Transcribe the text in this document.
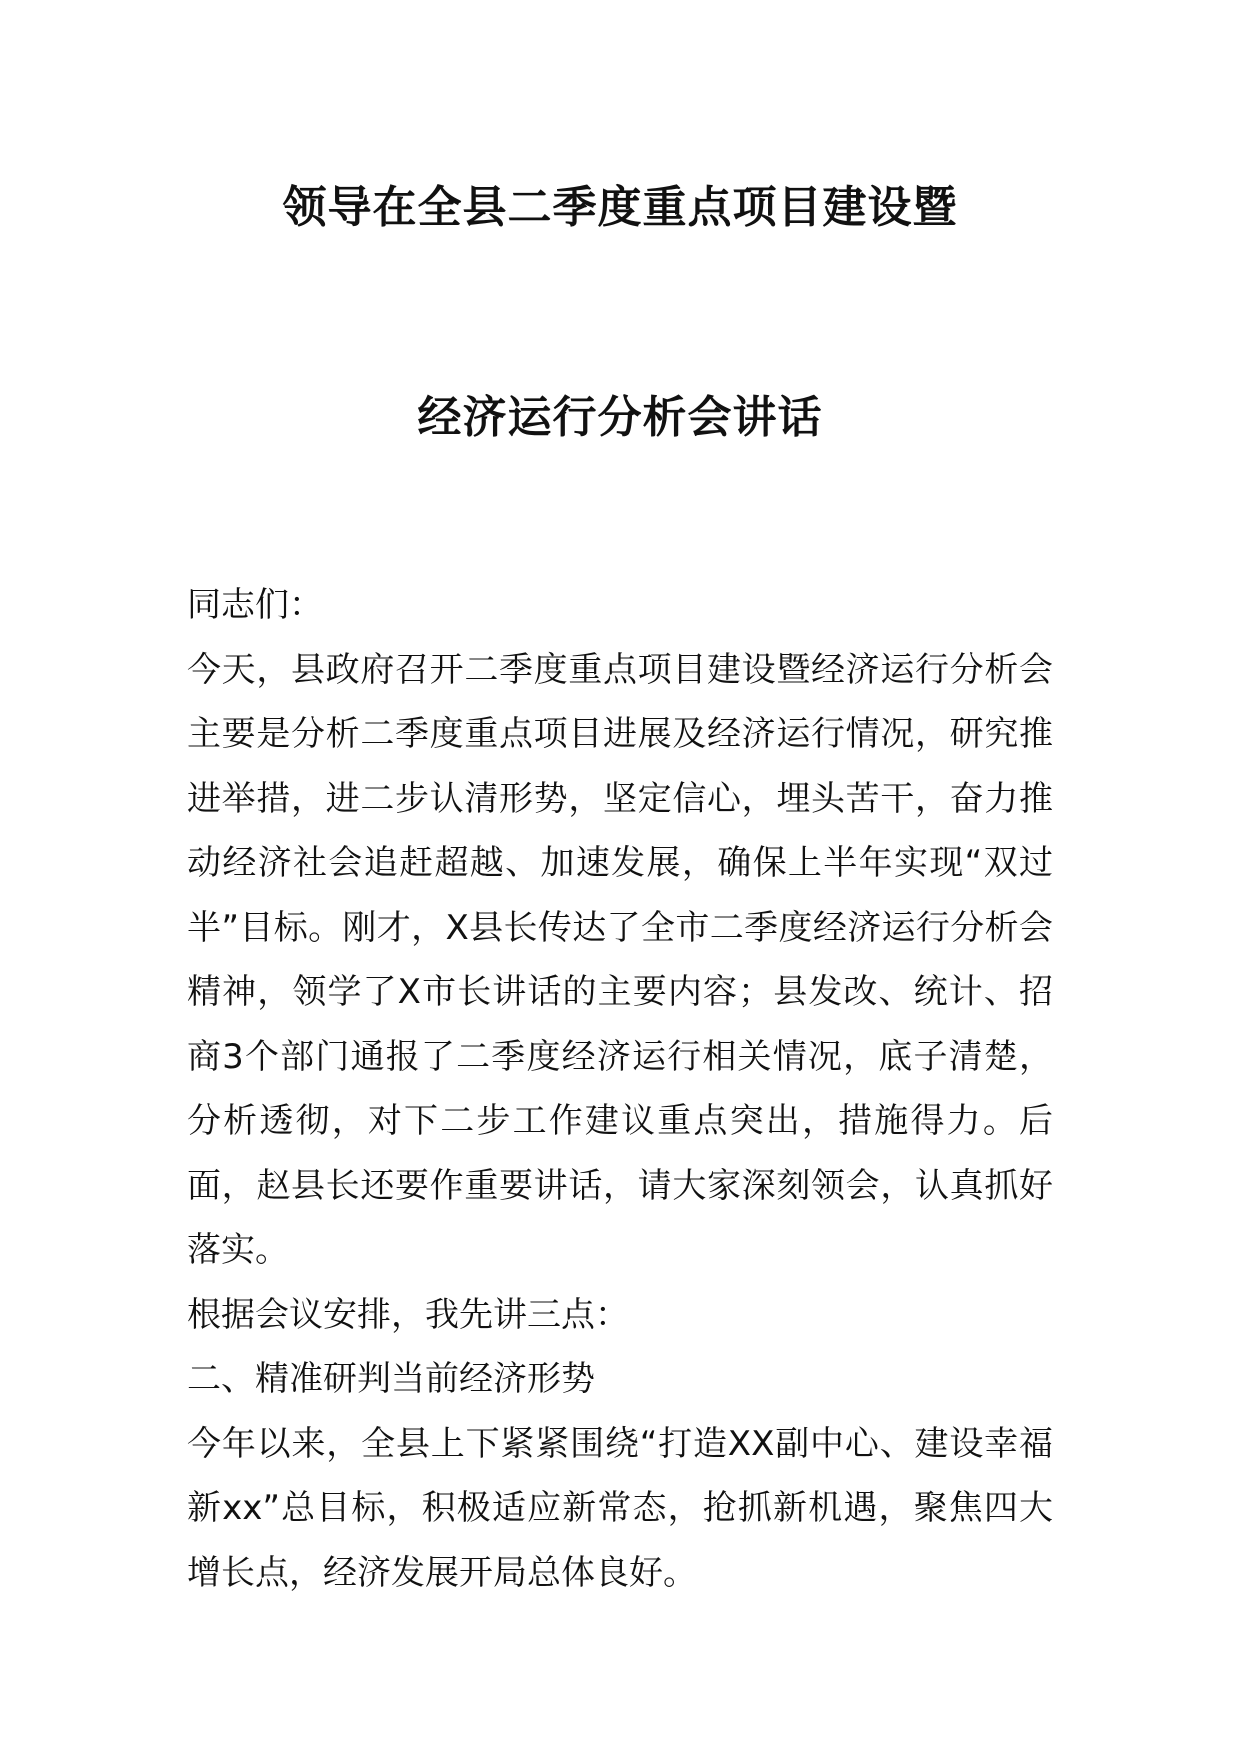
领导在全县二季度重点项目建设暨
经济运行分析会讲话

同志们：

今天，县政府召开二季度重点项目建设暨经济运行分析会主要是分析二季度重点项目进展及经济运行情况，研究推进举措，进二步认清形势，坚定信心，埋头苦干，奋力推动经济社会追赶超越、加速发展，确保上半年实现“双过半”目标。刚才，X县长传达了全市二季度经济运行分析会精神，领学了X市长讲话的主要内容；县发改、统计、招商3个部门通报了二季度经济运行相关情况，底子清楚，分析透彻，对下二步工作建议重点突出，措施得力。后面，赵县长还要作重要讲话，请大家深刻领会，认真抓好落实。

根据会议安排，我先讲三点：

二、精准研判当前经济形势

今年以来，全县上下紧紧围绕“打造XX副中心、建设幸福新xx”总目标，积极适应新常态，抢抓新机遇，聚焦四大增长点，经济发展开局总体良好。
